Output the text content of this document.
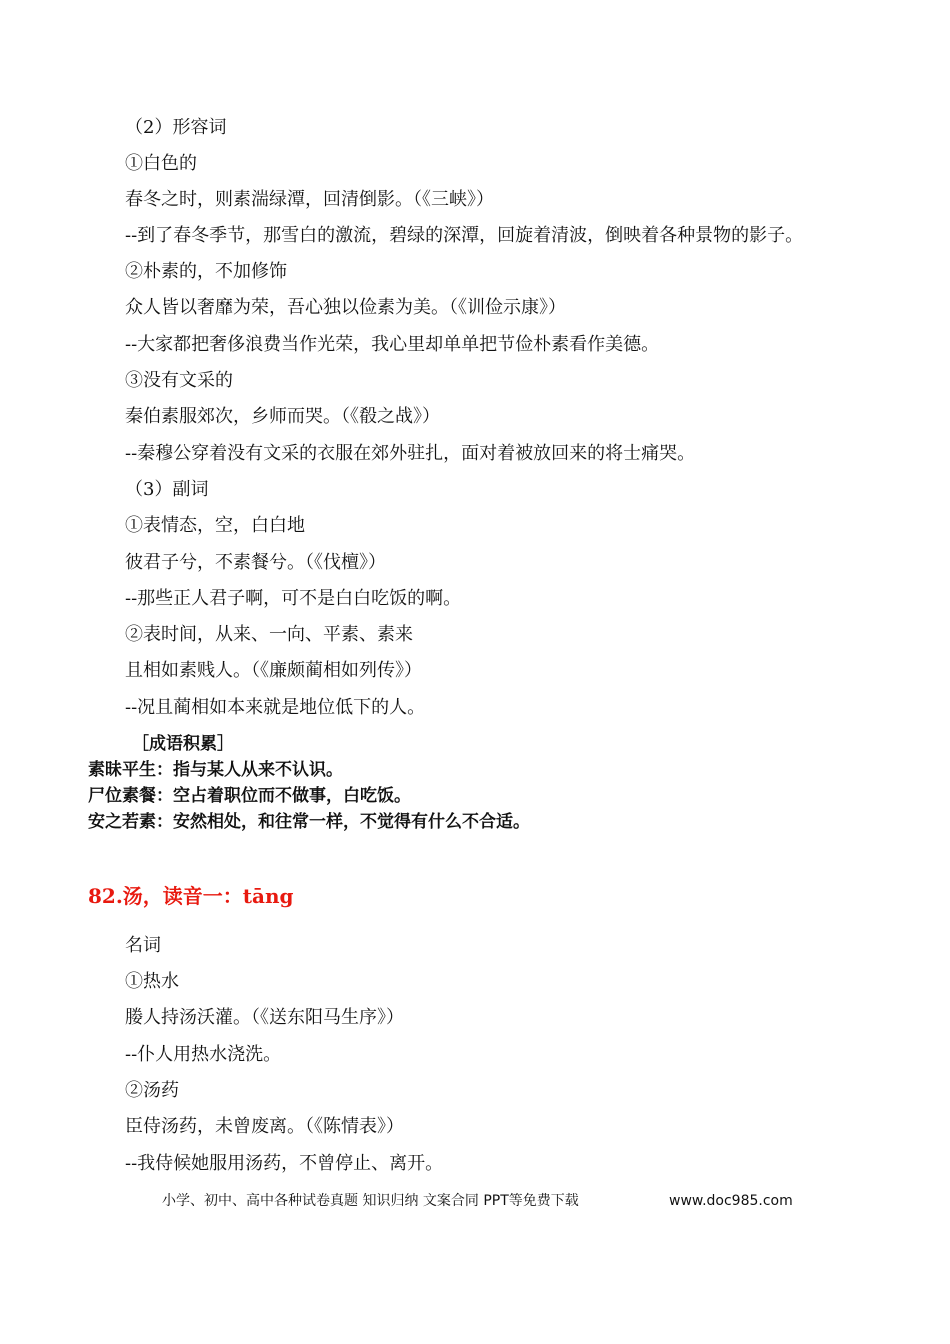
（2）形容词
①白色的
春冬之时，则素湍绿潭，回清倒影。（《三峡》）
--到了春冬季节，那雪白的激流，碧绿的深潭，回旋着清波，倒映着各种景物的影子。
②朴素的，不加修饰
众人皆以奢靡为荣，吾心独以俭素为美。（《训俭示康》）
--大家都把奢侈浪费当作光荣，我心里却单单把节俭朴素看作美德。
③没有文采的
秦伯素服郊次，乡师而哭。（《殽之战》）
--秦穆公穿着没有文采的衣服在郊外驻扎，面对着被放回来的将士痛哭。
（3）副词
①表情态，空，白白地
彼君子兮，不素餐兮。（《伐檀》）
--那些正人君子啊，可不是白白吃饭的啊。
②表时间，从来、一向、平素、素来
且相如素贱人。（《廉颇蔺相如列传》）
--况且蔺相如本来就是地位低下的人。
［成语积累］
素昧平生：指与某人从来不认识。
尸位素餐：空占着职位而不做事，白吃饭。
安之若素：安然相处，和往常一样，不觉得有什么不合适。
82.汤，读音一：tāng
名词
①热水
媵人持汤沃灌。（《送东阳马生序》）
--仆人用热水浇洗。
②汤药
臣侍汤药，未曾废离。（《陈情表》）
--我侍候她服用汤药，不曾停止、离开。
小学、初中、高中各种试卷真题 知识归纳 文案合同 PPT等免费下载	www.doc985.com
